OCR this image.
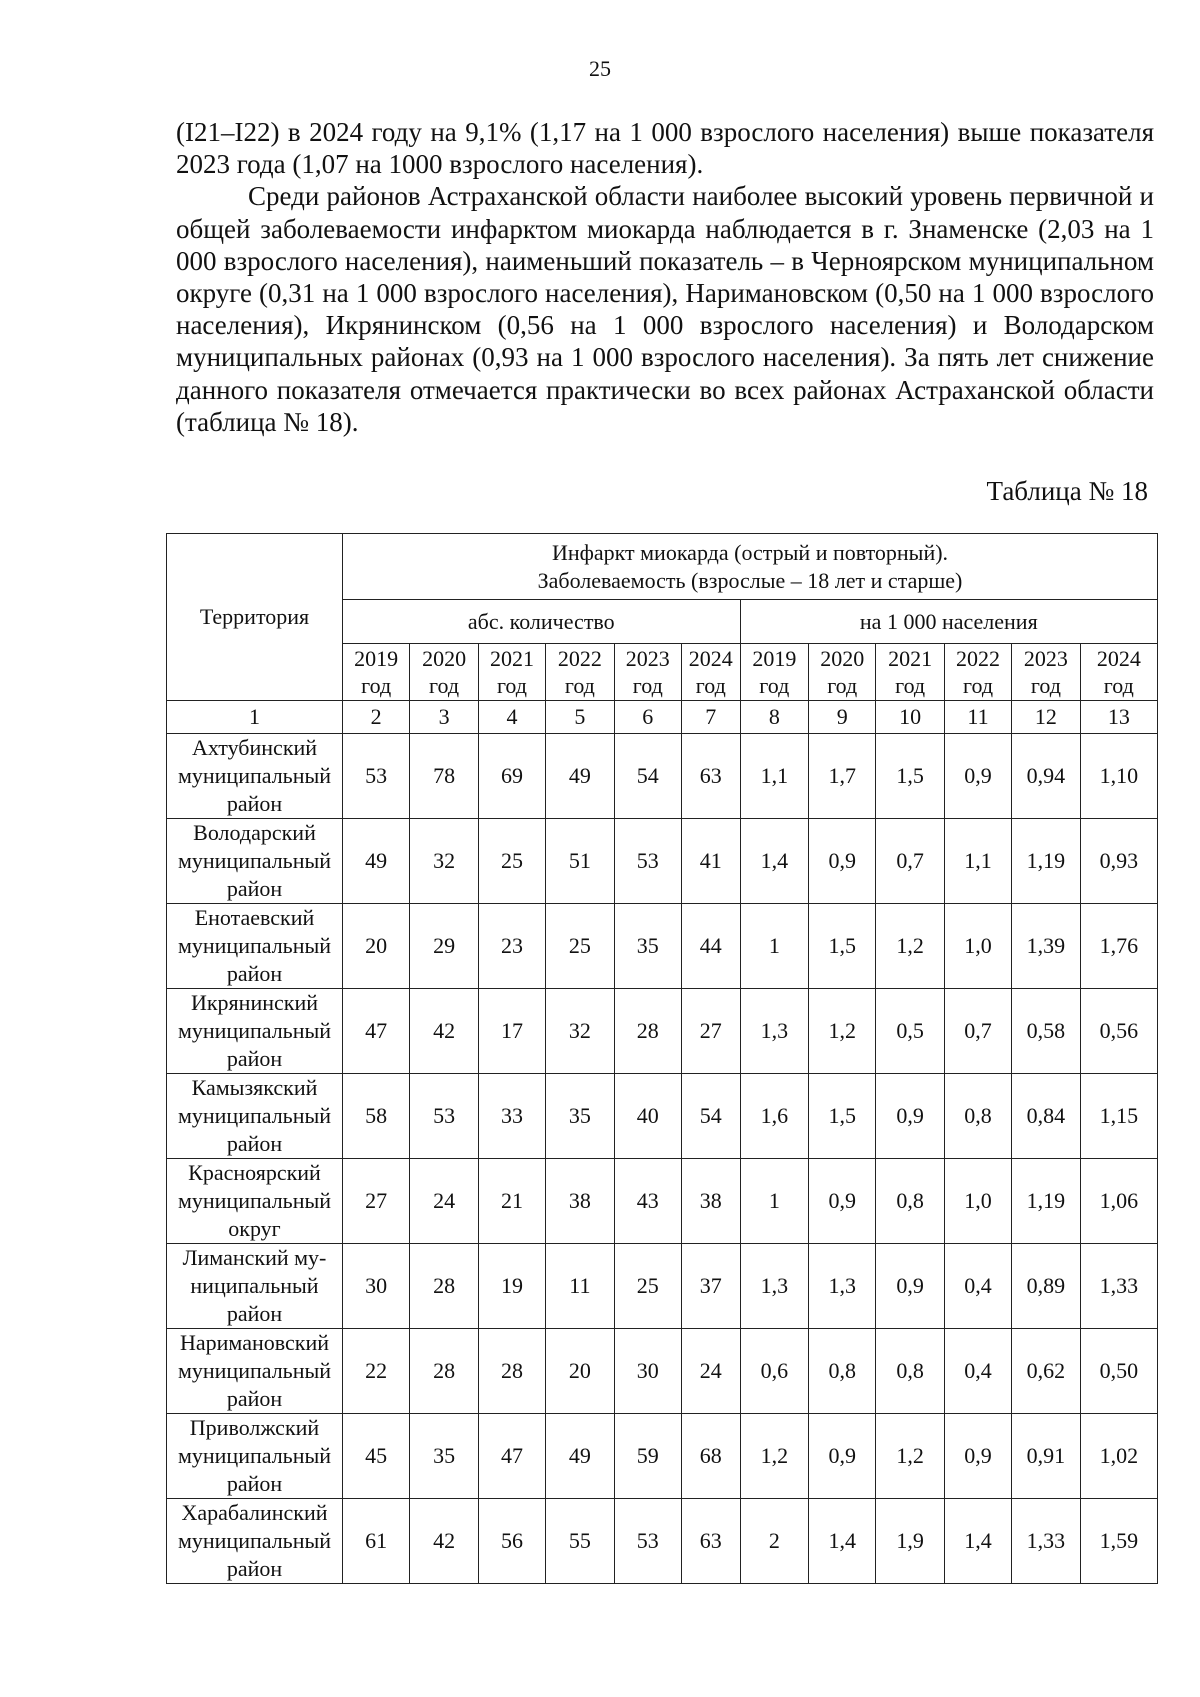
25

(I21–I22) в 2024 году на 9,1% (1,17 на 1 000 взрослого населения) выше показателя 2023 года (1,07 на 1000 взрослого населения).

Среди районов Астраханской области наиболее высокий уровень первичной и общей заболеваемости инфарктом миокарда наблюдается в г. Знаменске (2,03 на 1 000 взрослого населения), наименьший показатель – в Черноярском муниципальном округе (0,31 на 1 000 взрослого населения), Наримановском (0,50 на 1 000 взрослого населения), Икрянинском (0,56 на 1 000 взрослого населения) и Володарском муниципальных районах (0,93 на 1 000 взрослого населения). За пять лет снижение данного показателя отмечается практически во всех районах Астраханской области (таблица № 18).

Таблица № 18
Территория	Инфаркт миокарда (острый и повторный).
Заболеваемость (взрослые – 18 лет и старше)											

	абс. количество						на 1 000 населения					

	2019
год	2020
год	2021
год	2022
год	2023
год	2024
год	2019
год	2020
год	2021
год	2022
год	2023
год	2024
год

1	2	3	4	5	6	7	8	9	10	11	12	13

Ахтубинский
муниципальный
район	53	78	69	49	54	63	1,1	1,7	1,5	0,9	0,94	1,10

Володарский
муниципальный
район	49	32	25	51	53	41	1,4	0,9	0,7	1,1	1,19	0,93

Енотаевский
муниципальный
район	20	29	23	25	35	44	1	1,5	1,2	1,0	1,39	1,76

Икрянинский
муниципальный
район	47	42	17	32	28	27	1,3	1,2	0,5	0,7	0,58	0,56

Камызякский
муниципальный
район	58	53	33	35	40	54	1,6	1,5	0,9	0,8	0,84	1,15

Красноярский
муниципальный
округ	27	24	21	38	43	38	1	0,9	0,8	1,0	1,19	1,06

Лиманский му-
ниципальный
район	30	28	19	11	25	37	1,3	1,3	0,9	0,4	0,89	1,33

Наримановский
муниципальный
район	22	28	28	20	30	24	0,6	0,8	0,8	0,4	0,62	0,50

Приволжский
муниципальный
район	45	35	47	49	59	68	1,2	0,9	1,2	0,9	0,91	1,02

Харабалинский
муниципальный
район	61	42	56	55	53	63	2	1,4	1,9	1,4	1,33	1,59
